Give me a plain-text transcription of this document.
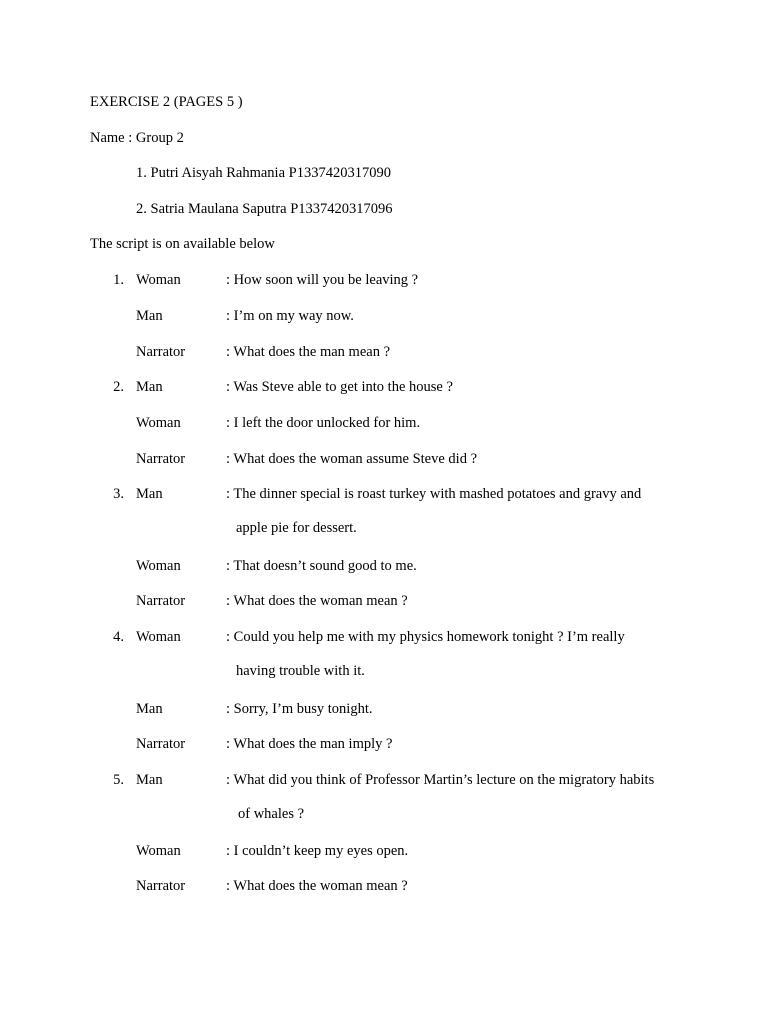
EXERCISE 2 (PAGES 5 )
Name : Group 2
1. Putri Aisyah Rahmania P1337420317090
2. Satria Maulana Saputra P1337420317096
The script is on available below
1. Woman	: How soon will you be leaving ?
Man	: I’m on my way now.
Narrator	: What does the man mean ?
2. Man	: Was Steve able to get into the house ?
Woman	: I left the door unlocked for him.
Narrator	: What does the woman assume Steve did ?
3. Man	: The dinner special is roast turkey with mashed potatoes and gravy and
apple pie for dessert.
Woman	: That doesn’t sound good to me.
Narrator	: What does the woman mean ?
4. Woman	: Could you help me with my physics homework tonight ? I’m really
having trouble with it.
Man	: Sorry, I’m busy tonight.
Narrator	: What does the man imply ?
5. Man	: What did you think of Professor Martin’s lecture on the migratory habits
of whales ?
Woman	: I couldn’t keep my eyes open.
Narrator	: What does the woman mean ?
